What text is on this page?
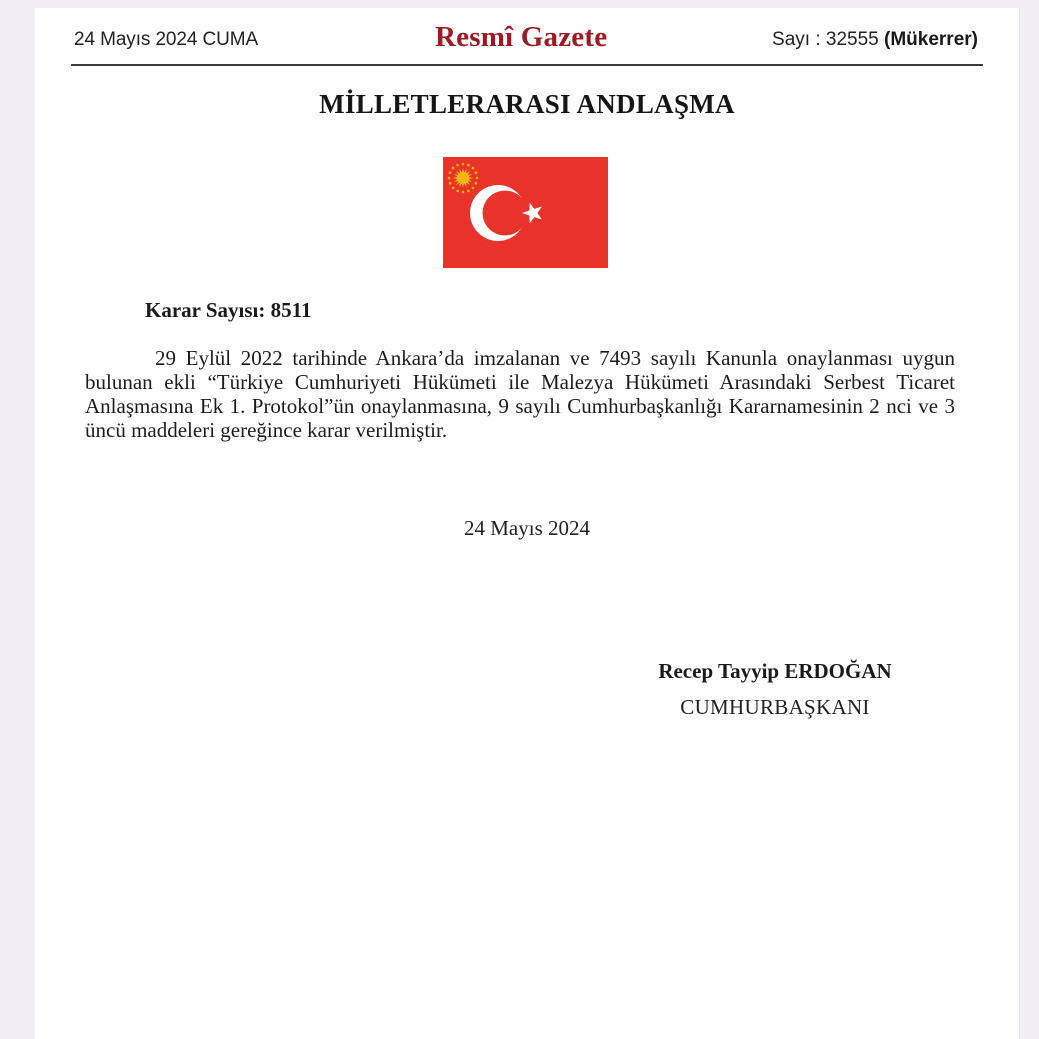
24 Mayıs 2024 CUMA	Resmî Gazete	Sayı : 32555 (Mükerrer)
MİLLETLERARASI ANDLAŞMA
Karar Sayısı: 8511
29 Eylül 2022 tarihinde Ankara’da imzalanan ve 7493 sayılı Kanunla onaylanması uygun bulunan ekli “Türkiye Cumhuriyeti Hükümeti ile Malezya Hükümeti Arasındaki Serbest Ticaret Anlaşmasına Ek 1. Protokol”ün onaylanmasına, 9 sayılı Cumhurbaşkanlığı Kararnamesinin 2 nci ve 3 üncü maddeleri gereğince karar verilmiştir.
24 Mayıs 2024
Recep Tayyip ERDOĞAN
CUMHURBAŞKANI
